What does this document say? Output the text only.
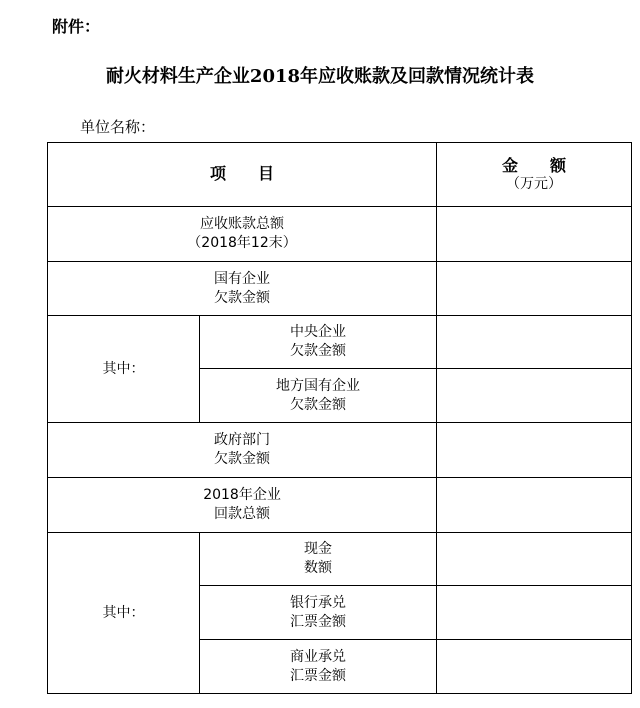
附件：
耐火材料生产企业2018年应收账款及回款情况统计表
单位名称：
项　　目		金　　额
（万元）

应收账款总额
（2018年12末）		

国有企业
欠款金额		

其中：	中央企业
欠款金额	

	地方国有企业
欠款金额	

政府部门
欠款金额		

2018年企业
回款总额		

其中：	现金
数额	

	银行承兑
汇票金额	

	商业承兑
汇票金额	
